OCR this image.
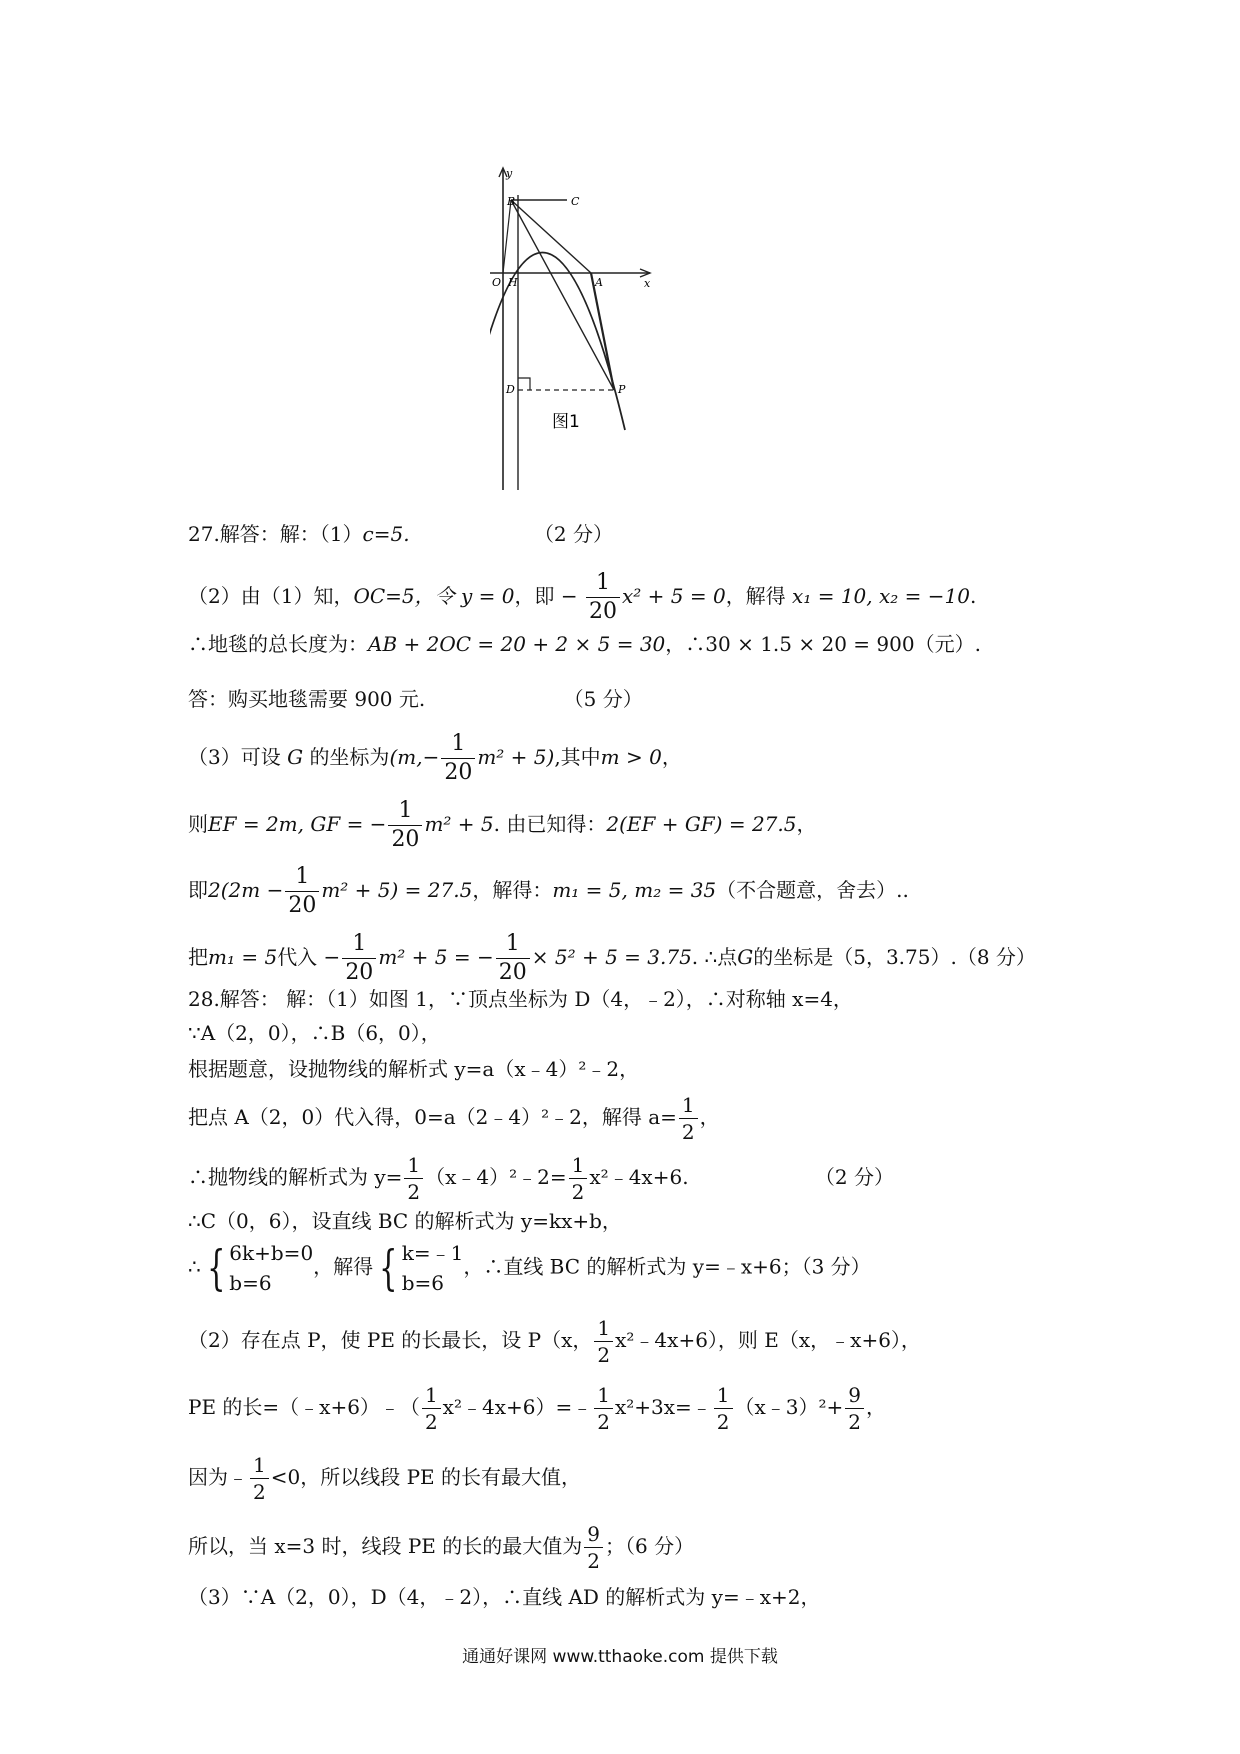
y
x
B	C
O H	A
D	P
图1
27.解答：解：（1）c=5.	（2 分）
（2）由（1）知，OC=5，令 y = 0，即 − $\frac{1}{20} x^2 + 5 = 0$，解得 x₁ = 10, x₂ = −10.
∴地毯的总长度为：AB + 2OC = 20 + 2 × 5 = 30，∴30 × 1.5 × 20 = 900（元）.
答：购买地毯需要 900 元.	（5 分）
（3）可设 G 的坐标为$(m,- \frac{1}{20} m^2 + 5)$,其中m > 0，
则EF = 2m, GF = − $\frac{1}{20} m^2 + 5$. 由已知得：2(EF + GF) = 27.5，
即$2(2m - \frac{1}{20} m^2 + 5) = 27.5$，解得：m₁ = 5, m₂ = 35（不合题意，舍去）..
把m₁ = 5代入 − $\frac{1}{20} m^2 + 5$ = − $\frac{1}{20} \times 5^2 + 5 = 3.75$. ∴点G的坐标是（5，3.75）.（8 分）
28.解答： 解：（1）如图 1，∵顶点坐标为 D（4，﹣2），∴对称轴 x=4，
∵A（2，0），∴B（6，0），
根据题意，设抛物线的解析式 y=a（x﹣4）²﹣2，
把点 A（2，0）代入得，0=a（2﹣4）²﹣2，解得 $a= \frac{1}{2}$ ，
∴抛物线的解析式为 $y= \frac{1}{2}$ （x﹣4）²﹣2= $\frac{1}{2}$ x²﹣4x+6.	（2 分）
∴C（0，6），设直线 BC 的解析式为 y=kx+b，
∴ { 6k+b=0
b=6
，解得 { k=﹣1
b=6
，∴直线 BC 的解析式为 y=﹣x+6；（3 分）
（2）存在点 P，使 PE 的长最长，设 P（x， $\frac{1}{2}$ x²﹣4x+6），则 E（x，﹣x+6），
PE 的长=（﹣x+6）﹣（ $\frac{1}{2}$ x²﹣4x+6）=﹣ $\frac{1}{2}$ x²+3x=﹣ $\frac{1}{2}$ （x﹣3）²+ $\frac{9}{2}$ ，
因为﹣ $\frac{1}{2} <0$，所以线段 PE 的长有最大值，
所以，当 x=3 时，线段 PE 的长的最大值为 $\frac{9}{2}$ ；（6 分）
（3）∵A（2，0），D（4，﹣2），∴直线 AD 的解析式为 y=﹣x+2，
通通好课网 www.tthaoke.com 提供下载
